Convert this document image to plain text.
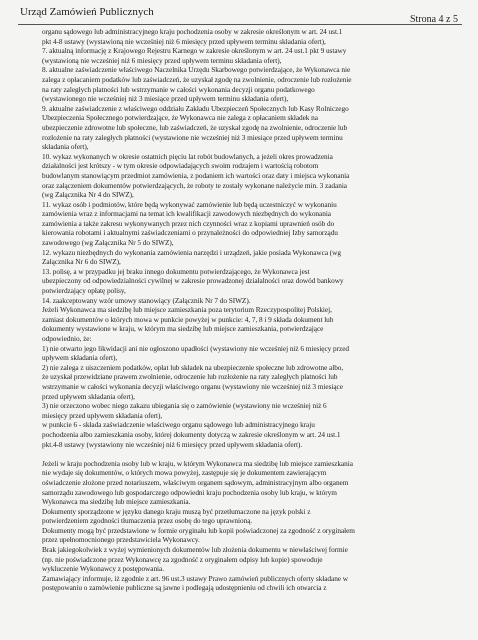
Urząd Zamówień Publicznych
Strona 4 z 5
organu sądowego lub administracyjnego kraju pochodzenia osoby w zakresie określonym w art. 24 ust.1
pkt 4-8 ustawy (wystawioną nie wcześniej niż 6 miesięcy przed upływem terminu składania ofert),
7. aktualną informację z Krajowego Rejestru Karnego w zakresie określonym w art. 24 ust.1 pkt 9 ustawy
(wystawioną nie wcześniej niż 6 miesięcy przed upływem terminu składania ofert),
8. aktualne zaświadczenie właściwego Naczelnika Urzędu Skarbowego potwierdzające, że Wykonawca nie
zalega z opłacaniem podatków lub zaświadczeń, że uzyskał zgodę na zwolnienie, odroczenie lub rozłożenie
na raty zaległych płatności lub wstrzymanie w całości wykonania decyzji organu podatkowego
(wystawionego nie wcześniej niż 3 miesiące przed upływem terminu składania ofert),
9. aktualne zaświadczenie z właściwego oddziału Zakładu Ubezpieczeń Społecznych lub Kasy Rolniczego
Ubezpieczenia Społecznego potwierdzające, że Wykonawca nie zalega z opłacaniem składek na
ubezpieczenie zdrowotne lub społeczne, lub zaświadczeń, że uzyskał zgodę na zwolnienie, odroczenie lub
rozłożenie na raty zaległych płatności (wystawione nie wcześniej niż 3 miesiące przed upływem terminu
składania ofert),
10. wykaz wykonanych w okresie ostatnich pięciu lat robót budowlanych, a jeżeli okres prowadzenia
działalności jest krótszy - w tym okresie odpowiadających swoim rodzajem i wartością robotom
budowlanym stanowiącym przedmiot zamówienia, z podaniem ich wartości oraz daty i miejsca wykonania
oraz załączeniem dokumentów potwierdzających, że roboty te zostały wykonane należycie min. 3 zadania
(wg Załącznika Nr 4 do SIWZ),
11. wykaz osób i podmiotów, które będą wykonywać zamówienie lub będą uczestniczyć w wykonaniu
zamówienia wraz z informacjami na temat ich kwalifikacji zawodowych niezbędnych do wykonania
zamówienia a także zakresu wykonywanych przez nich czynności wraz z kopiami uprawnień osób do
kierowania robotami i aktualnymi zaświadczeniami o przynależności do odpowiedniej Izby samorządu
zawodowego (wg Załącznika Nr 5 do SIWZ),
12. wykazu niezbędnych do wykonania zamówienia narzędzi i urządzeń, jakie posiada Wykonawca (wg
Załącznika Nr 6 do SIWZ),
13. polisę, a w przypadku jej braku innego dokumentu potwierdzającego, że Wykonawca jest
ubezpieczony od odpowiedzialności cywilnej w zakresie prowadzonej działalności oraz dowód bankowy
potwierdzający opłatę polisy,
14. zaakceptowany wzór umowy stanowiący (Załącznik Nr 7 do SIWZ).
Jeżeli Wykonawca ma siedzibę lub miejsce zamieszkania poza terytorium Rzeczypospolitej Polskiej,
zamiast dokumentów o których mowa w punkcie powyżej w punkcie: 4, 7, 8 i 9 składa dokument lub
dokumenty wystawione w kraju, w którym ma siedzibę lub miejsce zamieszkania, potwierdzające
odpowiednio, że:
1) nie otwarto jego likwidacji ani nie ogłoszono upadłości (wystawiony nie wcześniej niż 6 miesięcy przed
upływem składania ofert),
2) nie zalega z uiszczeniem podatków, opłat lub składek na ubezpieczenie społeczne lub zdrowotne albo,
że uzyskał przewidziane prawem zwolnienie, odroczenie lub rozłożenie na raty zaległych płatności lub
wstrzymanie w całości wykonania decyzji właściwego organu (wystawiony nie wcześniej niż 3 miesiące
przed upływem składania ofert),
3) nie orzeczono wobec niego zakazu ubiegania się o zamówienie (wystawiony nie wcześniej niż 6
miesięcy przed upływem składania ofert),
w punkcie 6 - składa zaświadczenie właściwego organu sądowego lub administracyjnego kraju
pochodzenia albo zamieszkania osoby, której dokumenty dotyczą w zakresie określonym w art. 24 ust.1
pkt.4-8 ustawy (wystawiony nie wcześniej niż 6 miesięcy przed upływem składania ofert).
Jeżeli w kraju pochodzenia osoby lub w kraju, w którym Wykonawca ma siedzibę lub miejsce zamieszkania
nie wydaje się dokumentów, o których mowa powyżej, zastępuje się je dokumentem zawierającym
oświadczenie złożone przed notariuszem, właściwym organem sądowym, administracyjnym albo organem
samorządu zawodowego lub gospodarczego odpowiedni kraju pochodzenia osoby lub kraju, w którym
Wykonawca ma siedzibę lub miejsce zamieszkania.
Dokumenty sporządzone w języku danego kraju muszą być przetłumaczone na język polski z
potwierdzeniem zgodności tłumaczenia przez osobę do tego uprawnioną.
Dokumenty mogą być przedstawione w formie oryginału lub kopii poświadczonej za zgodność z oryginałem
przez upełnomocnionego przedstawiciela Wykonawcy.
Brak jakiegokolwiek z wyżej wymienionych dokumentów lub złożenia dokumentu w niewłaściwej formie
(np. nie poświadczone przez Wykonawcę za zgodność z oryginałem odpisy lub kopie) spowoduje
wykluczenie Wykonawcy z postępowania.
Zamawiający informuje, iż zgodnie z art. 96 ust.3 ustawy Prawo zamówień publicznych oferty składane w
postępowaniu o zamówienie publiczne są jawne i podlegają udostępnieniu od chwili ich otwarcia z
